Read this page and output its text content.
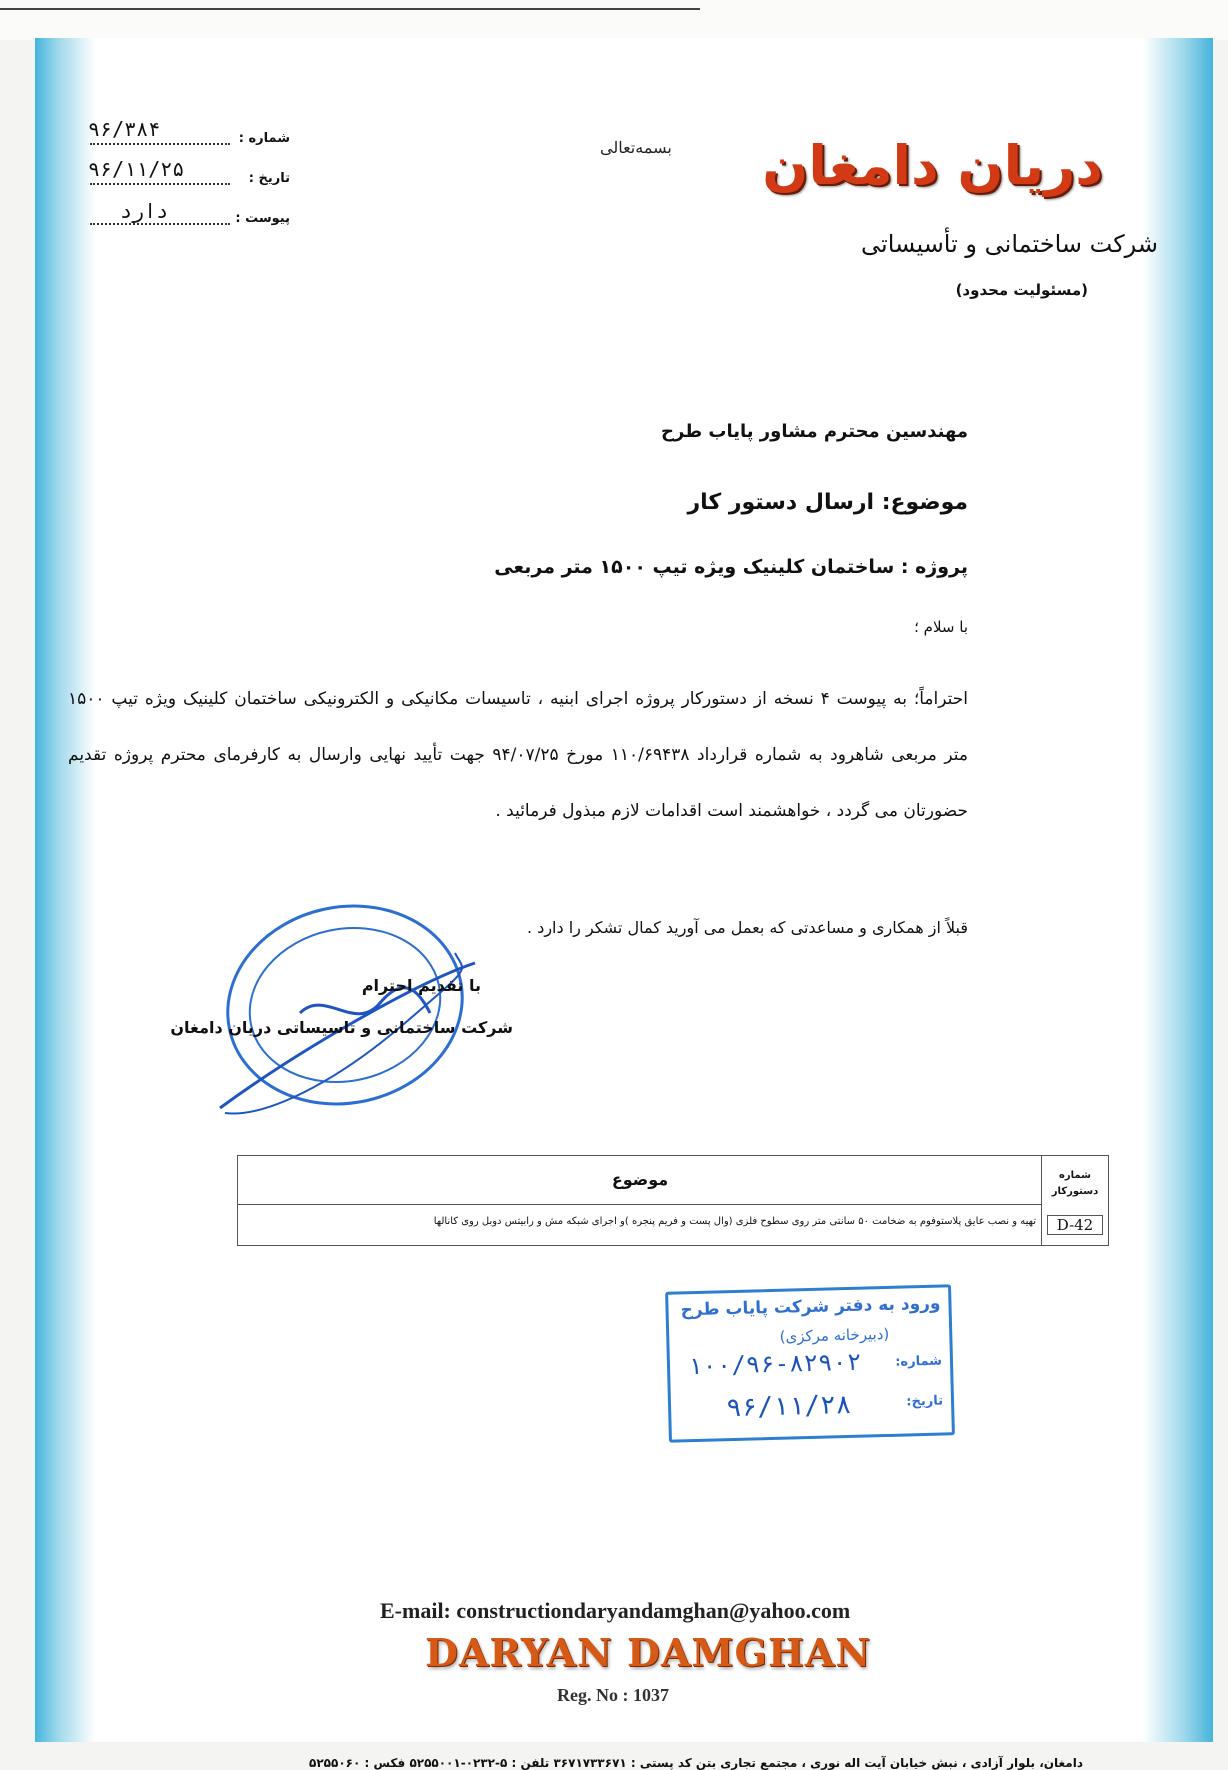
بسمه‌تعالی دریان دامغان
شرکت ساختمانی و تأسیساتی
(مسئولیت محدود)
شماره :
۹۶/۳۸۴
تاریخ :
۹۶/۱۱/۲۵
پیوست :
دارد
مهندسین محترم مشاور پایاب طرح
موضوع: ارسال دستور کار
پروژه : ساختمان کلینیک ویژه تیپ ۱۵۰۰ متر مربعی
با سلام ؛
احتراماً؛ به پیوست ۴ نسخه از دستورکار پروژه اجرای ابنیه ، تاسیسات مکانیکی و الکترونیکی ساختمان کلینیک ویژه تیپ ۱۵۰۰ متر مربعی شاهرود به شماره قرارداد ۱۱۰/۶۹۴۳۸ مورخ ۹۴/۰۷/۲۵ جهت تأیید نهایی وارسال به کارفرمای محترم پروژه تقدیم حضورتان می گردد ، خواهشمند است اقدامات لازم مبذول فرمائید .
قبلاً از همکاری و مساعدتی که بعمل می آورید کمال تشکر را دارد .
با تقدیم احترام
شرکت ساختمانی و تاسیساتی دریان دامغان
شماره دستورکار
D-42
موضوع
تهیه و نصب عایق پلاستوفوم به ضخامت ۵۰ سانتی متر روی سطوح فلزی (وال پست و فریم پنجره )و اجرای شبکه مش و رابیتس دوبل روی کانالها
ورود به دفتر شرکت پایاب طرح
(دبیرخانه مرکزی)
شماره:
تاریخ:
۱۰۰/۹۶-۸۲۹۰۲
۹۶/۱۱/۲۸
E-mail: constructiondaryandamghan@yahoo.com
DARYAN DAMGHAN
Reg. No : 1037
دامغان، بلوار آزادی ، نبش خیابان آیت اله نوری ، مجتمع تجاری بتن کد پستی : ۳۶۷۱۷۳۳۶۷۱ تلفن : ۵-۰۲۳۲-۵۲۵۵۰۰۱ فکس : ۵۲۵۵۰۶۰
